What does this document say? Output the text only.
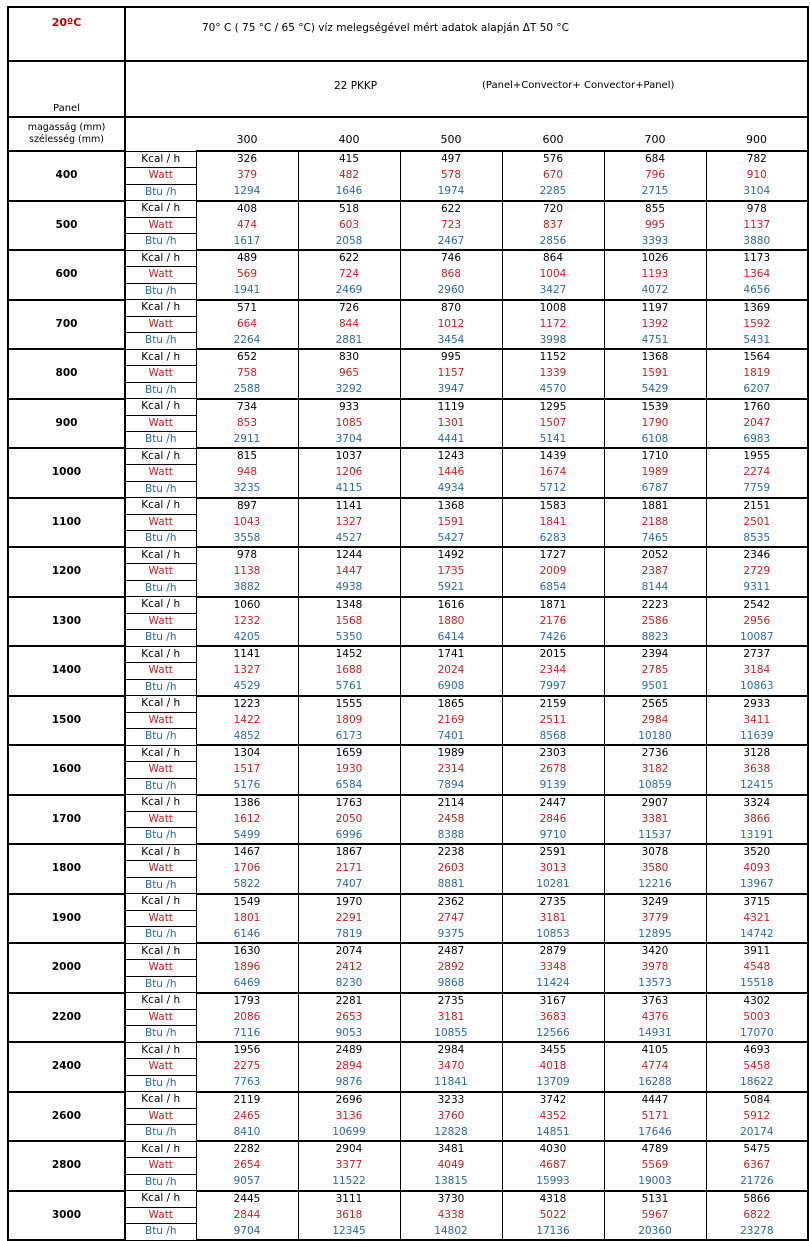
20ºC	70° C ( 75 °C / 65 °C) víz melegségével mért adatok alapján ΔT 50 °C						
Panel	22 PKKP (Panel+Convector+ Convector+Panel)						

magasság (mm)
szélesség (mm)		300	400	500	600	700	900
400	Kcal / h	326	415	497	576	684	782
	Watt	379	482	578	670	796	910
	Btu /h	1294	1646	1974	2285	2715	3104
500	Kcal / h	408	518	622	720	855	978
	Watt	474	603	723	837	995	1137
	Btu /h	1617	2058	2467	2856	3393	3880
600	Kcal / h	489	622	746	864	1026	1173
	Watt	569	724	868	1004	1193	1364
	Btu /h	1941	2469	2960	3427	4072	4656
700	Kcal / h	571	726	870	1008	1197	1369
	Watt	664	844	1012	1172	1392	1592
	Btu /h	2264	2881	3454	3998	4751	5431
800	Kcal / h	652	830	995	1152	1368	1564
	Watt	758	965	1157	1339	1591	1819
	Btu /h	2588	3292	3947	4570	5429	6207
900	Kcal / h	734	933	1119	1295	1539	1760
	Watt	853	1085	1301	1507	1790	2047
	Btu /h	2911	3704	4441	5141	6108	6983
1000	Kcal / h	815	1037	1243	1439	1710	1955
	Watt	948	1206	1446	1674	1989	2274
	Btu /h	3235	4115	4934	5712	6787	7759
1100	Kcal / h	897	1141	1368	1583	1881	2151
	Watt	1043	1327	1591	1841	2188	2501
	Btu /h	3558	4527	5427	6283	7465	8535
1200	Kcal / h	978	1244	1492	1727	2052	2346
	Watt	1138	1447	1735	2009	2387	2729
	Btu /h	3882	4938	5921	6854	8144	9311
1300	Kcal / h	1060	1348	1616	1871	2223	2542
	Watt	1232	1568	1880	2176	2586	2956
	Btu /h	4205	5350	6414	7426	8823	10087
1400	Kcal / h	1141	1452	1741	2015	2394	2737
	Watt	1327	1688	2024	2344	2785	3184
	Btu /h	4529	5761	6908	7997	9501	10863
1500	Kcal / h	1223	1555	1865	2159	2565	2933
	Watt	1422	1809	2169	2511	2984	3411
	Btu /h	4852	6173	7401	8568	10180	11639
1600	Kcal / h	1304	1659	1989	2303	2736	3128
	Watt	1517	1930	2314	2678	3182	3638
	Btu /h	5176	6584	7894	9139	10859	12415
1700	Kcal / h	1386	1763	2114	2447	2907	3324
	Watt	1612	2050	2458	2846	3381	3866
	Btu /h	5499	6996	8388	9710	11537	13191
1800	Kcal / h	1467	1867	2238	2591	3078	3520
	Watt	1706	2171	2603	3013	3580	4093
	Btu /h	5822	7407	8881	10281	12216	13967
1900	Kcal / h	1549	1970	2362	2735	3249	3715
	Watt	1801	2291	2747	3181	3779	4321
	Btu /h	6146	7819	9375	10853	12895	14742
2000	Kcal / h	1630	2074	2487	2879	3420	3911
	Watt	1896	2412	2892	3348	3978	4548
	Btu /h	6469	8230	9868	11424	13573	15518
2200	Kcal / h	1793	2281	2735	3167	3763	4302
	Watt	2086	2653	3181	3683	4376	5003
	Btu /h	7116	9053	10855	12566	14931	17070
2400	Kcal / h	1956	2489	2984	3455	4105	4693
	Watt	2275	2894	3470	4018	4774	5458
	Btu /h	7763	9876	11841	13709	16288	18622
2600	Kcal / h	2119	2696	3233	3742	4447	5084
	Watt	2465	3136	3760	4352	5171	5912
	Btu /h	8410	10699	12828	14851	17646	20174
2800	Kcal / h	2282	2904	3481	4030	4789	5475
	Watt	2654	3377	4049	4687	5569	6367
	Btu /h	9057	11522	13815	15993	19003	21726
3000	Kcal / h	2445	3111	3730	4318	5131	5866
	Watt	2844	3618	4338	5022	5967	6822
	Btu /h	9704	12345	14802	17136	20360	23278
